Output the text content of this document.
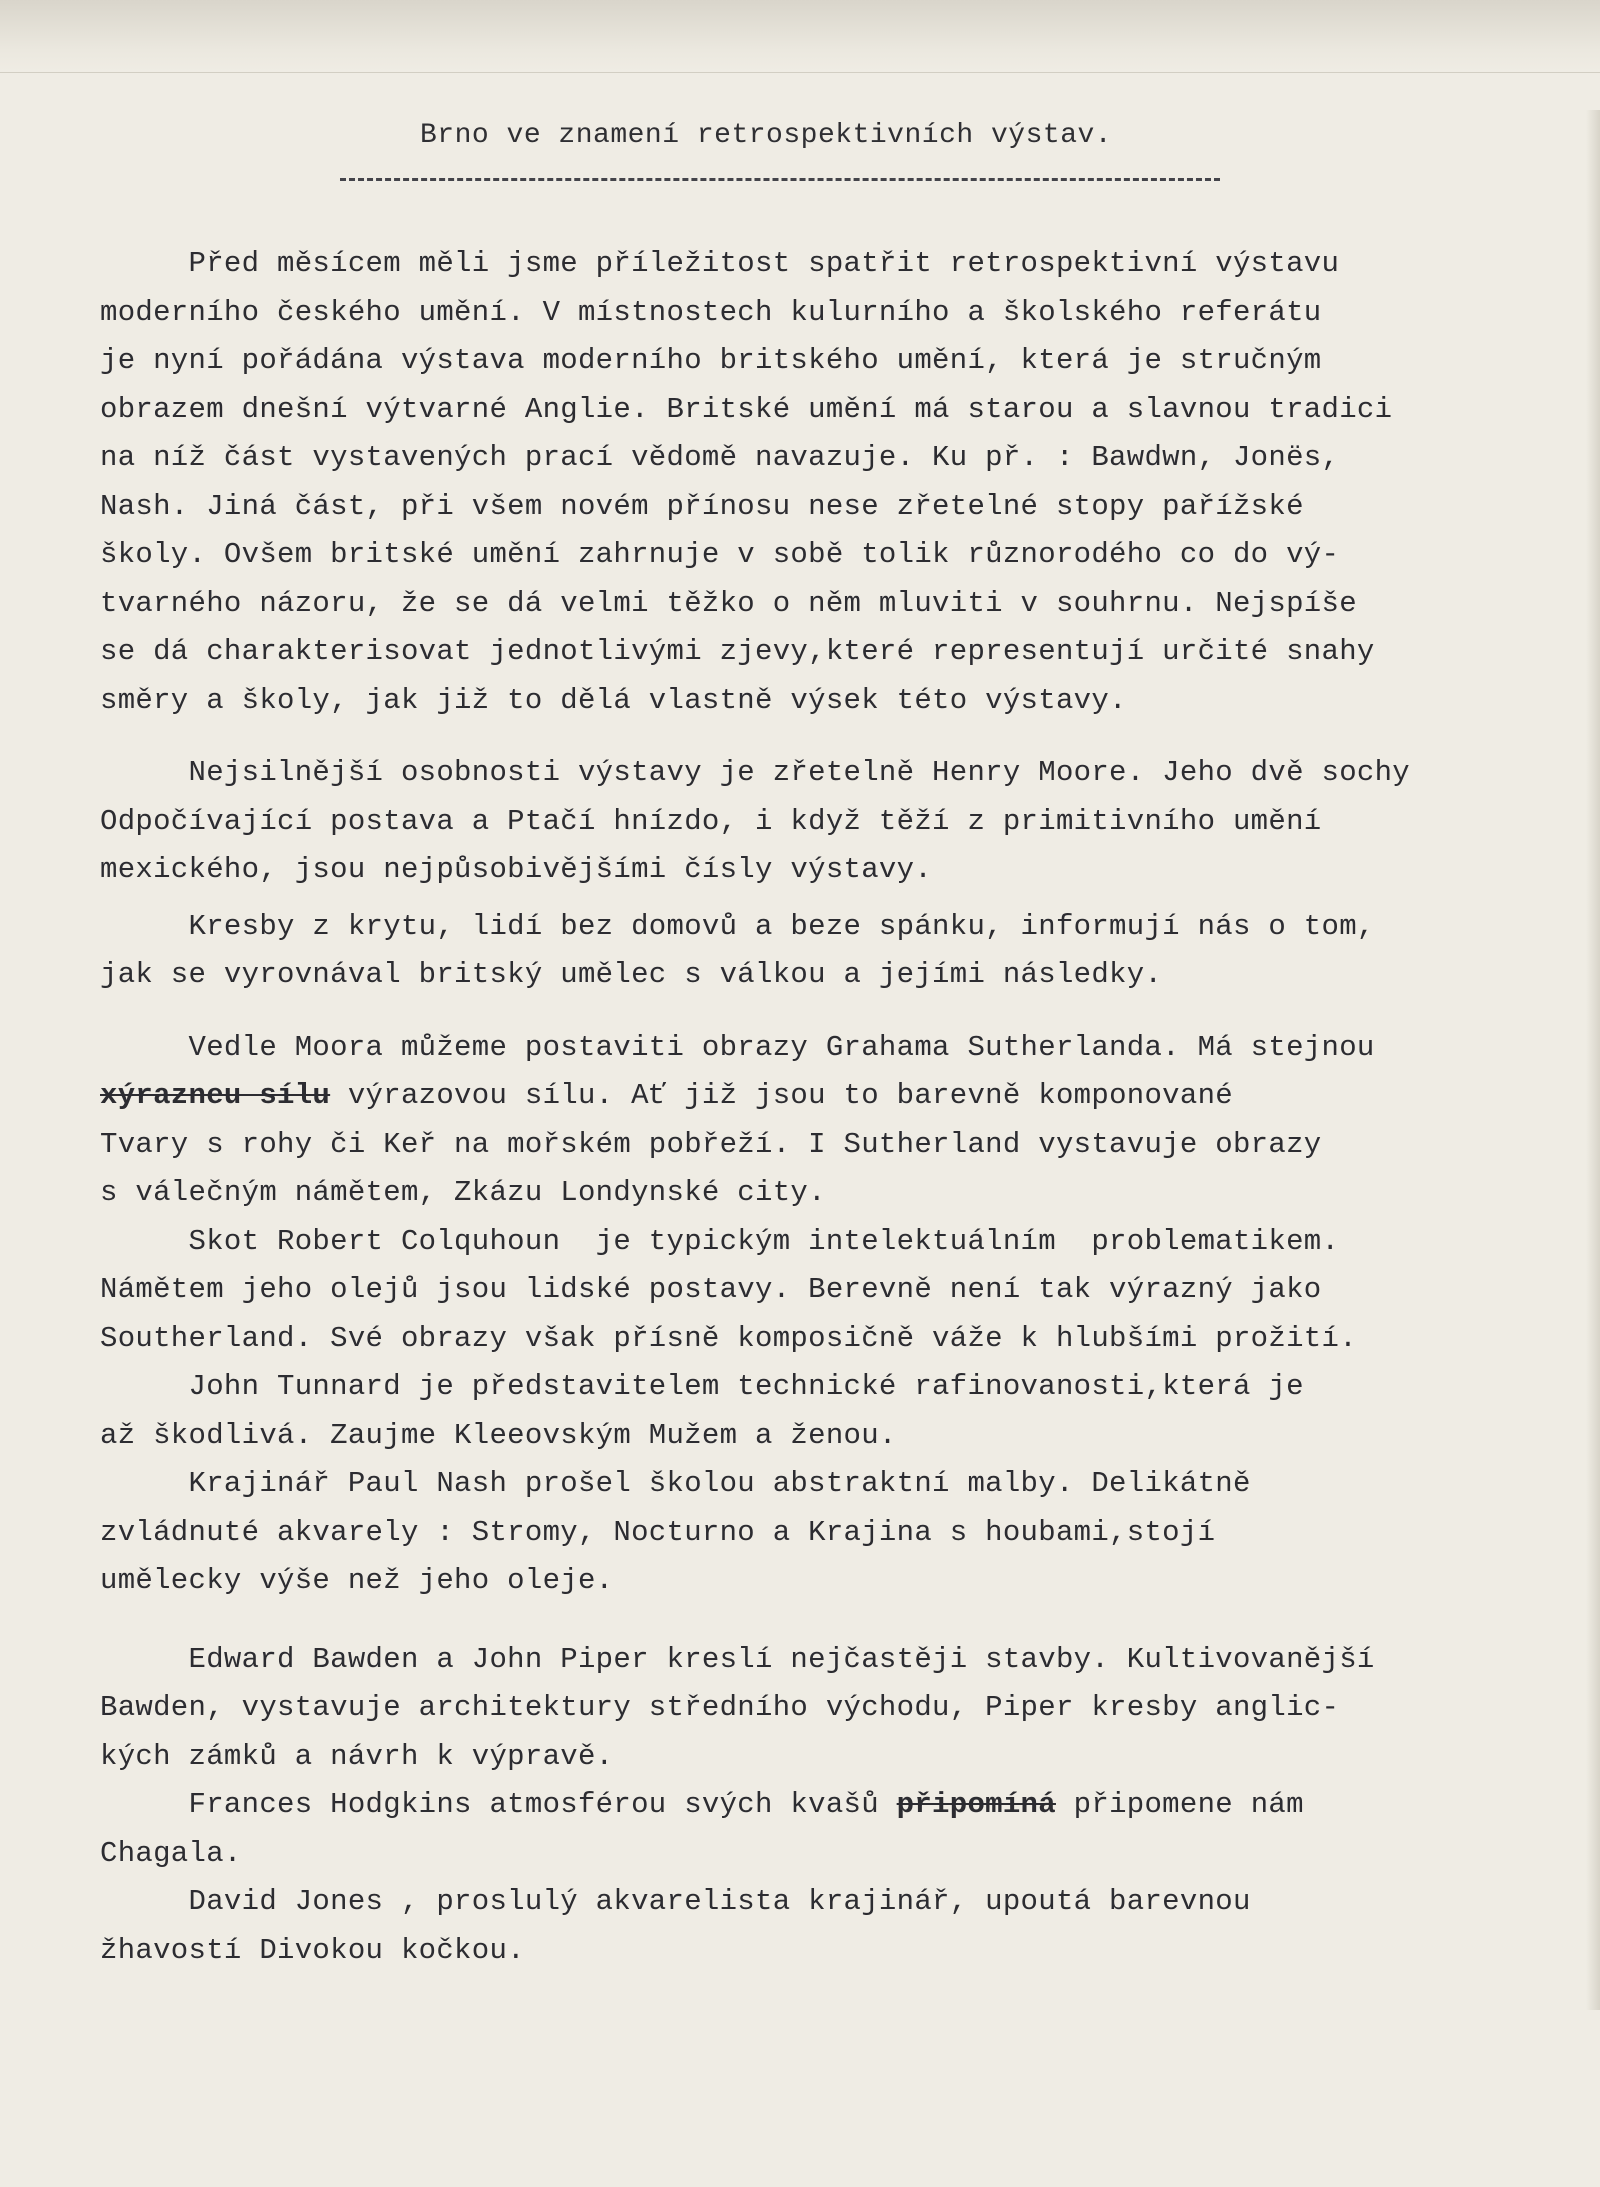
Brno ve znamení retrospektivních výstav.
Před měsícem měli jsme příležitost spatřit retrospektivní výstavu
moderního českého umění. V místnostech kulurního a školského referátu
je nyní pořádána výstava moderního britského umění, která je stručným
obrazem dnešní výtvarné Anglie. Britské umění má starou a slavnou tradici
na níž část vystavených prací vědomě navazuje. Ku př. : Bawdwn, Jonës,
Nash. Jiná část, při všem novém přínosu nese zřetelné stopy pařížské
školy. Ovšem britské umění zahrnuje v sobě tolik různorodého co do vý-
tvarného názoru, že se dá velmi těžko o něm mluviti v souhrnu. Nejspíše
se dá charakterisovat jednotlivými zjevy,které representují určité snahy
směry a školy, jak již to dělá vlastně výsek této výstavy.
Nejsilnější osobnosti výstavy je zřetelně Henry Moore. Jeho dvě sochy
Odpočívající postava a Ptačí hnízdo, i když těží z primitivního umění
mexického, jsou nejpůsobivějšími čísly výstavy.
Kresby z krytu, lidí bez domovů a beze spánku, informují nás o tom,
jak se vyrovnával britský umělec s válkou a jejími následky.
Vedle Moora můžeme postaviti obrazy Grahama Sutherlanda. Má stejnou
xýrazneu sílu výrazovou sílu. Ať již jsou to barevně komponované
Tvary s rohy či Keř na mořském pobřeží. I Sutherland vystavuje obrazy
s válečným námětem, Zkázu Londynské city.
Skot Robert Colquhoun  je typickým intelektuálním  problematikem.
Námětem jeho olejů jsou lidské postavy. Berevně není tak výrazný jako
Southerland. Své obrazy však přísně komposičně váže k hlubšími prožití.
John Tunnard je představitelem technické rafinovanosti,která je
až škodlivá. Zaujme Kleeovským Mužem a ženou.
Krajinář Paul Nash prošel školou abstraktní malby. Delikátně
zvládnuté akvarely : Stromy, Nocturno a Krajina s houbami,stojí
umělecky výše než jeho oleje.
Edward Bawden a John Piper kreslí nejčastěji stavby. Kultivovanější
Bawden, vystavuje architektury středního východu, Piper kresby anglic-
kých zámků a návrh k výpravě.
Frances Hodgkins atmosférou svých kvašů připomíná připomene nám
Chagala.
David Jones , proslulý akvarelista krajinář, upoutá barevnou
žhavostí Divokou kočkou.
